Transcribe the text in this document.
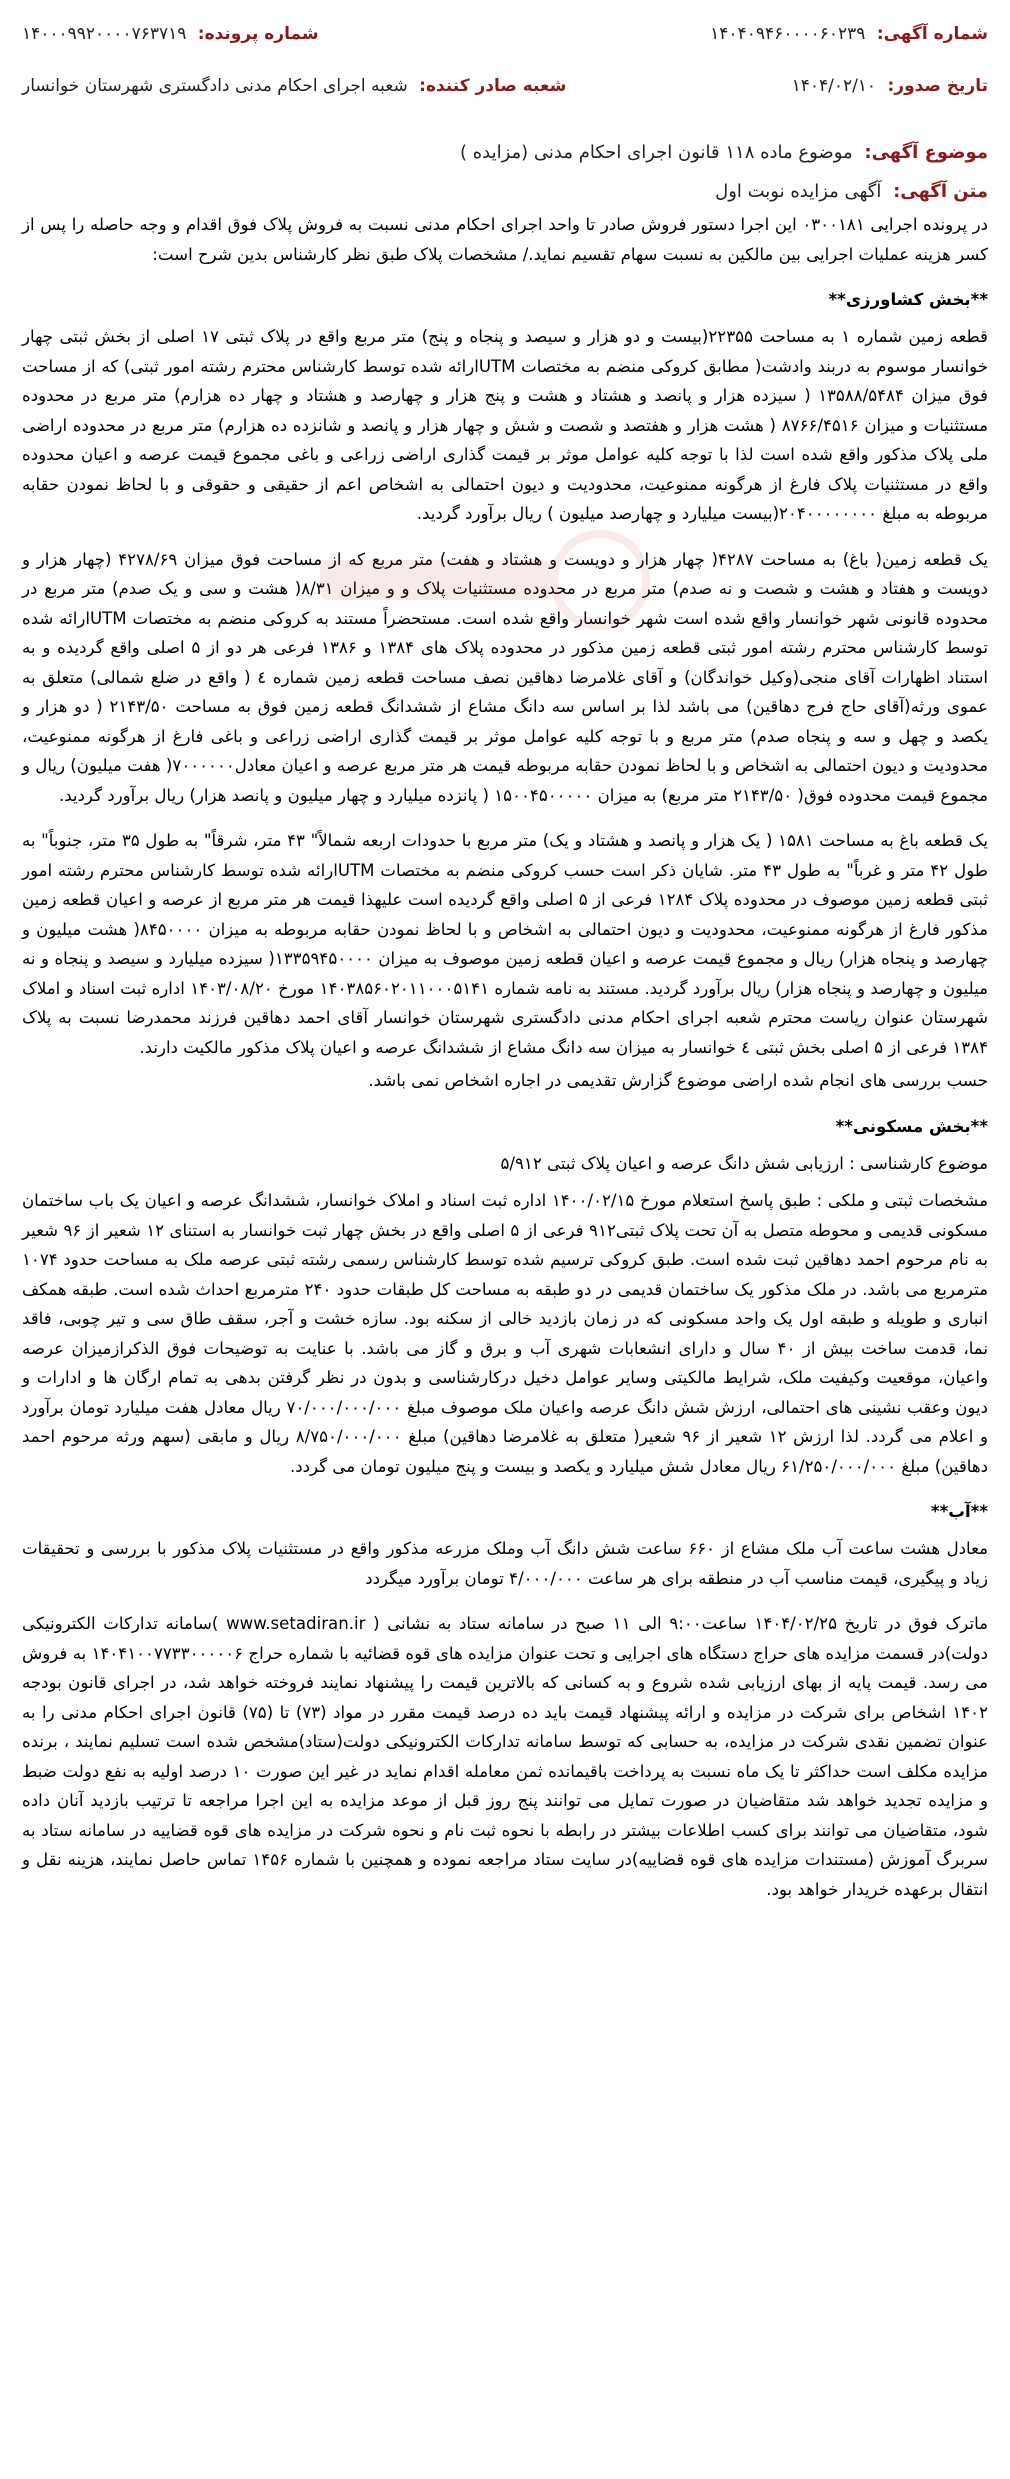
شماره آگهی: ۱۴۰۴۰۹۴۶۰۰۰۰۶۰۲۳۹
شماره پرونده: ۱۴۰۰۰۹۹۲۰۰۰۰۷۶۳۷۱۹
تاریخ صدور: ۱۴۰۴/۰۲/۱۰
شعبه صادر کننده: شعبه اجرای احکام مدنی دادگستری شهرستان خوانسار
موضوع آگهی: موضوع ماده ۱۱۸ قانون اجرای احکام مدنی (مزایده )
متن آگهی: آگهی مزایده نوبت اول

در پرونده اجرایی ۰۳۰۰۱۸۱ این اجرا دستور فروش صادر تا واحد اجرای احکام مدنی نسبت به فروش پلاک فوق اقدام و وجه حاصله را پس از کسر هزینه عملیات اجرایی بین مالکین به نسبت سهام تقسیم نماید./ مشخصات پلاک طبق نظر کارشناس بدین شرح است:

**بخش کشاورزی**

قطعه زمین شماره ۱ به مساحت ۲۲۳۵۵(بیست و دو هزار و سیصد و پنجاه و پنج) متر مربع واقع در پلاک ثبتی ۱۷ اصلی از بخش ثبتی چهار خوانسار موسوم به دربند وادشت( مطابق کروکی منضم به مختصات UTMارائه شده توسط کارشناس محترم رشته امور ثبتی) که از مساحت فوق میزان ۱۳۵۸۸/۵۴۸۴ ( سیزده هزار و پانصد و هشتاد و هشت و پنج هزار و چهارصد و هشتاد و چهار ده هزارم) متر مربع در محدوده مستثنیات و میزان ۸۷۶۶/۴۵۱۶ ( هشت هزار و هفتصد و شصت و شش و چهار هزار و پانصد و شانزده ده هزارم) متر مربع در محدوده اراضی ملی پلاک مذکور واقع شده است لذا با توجه کلیه عوامل موثر بر قیمت گذاری اراضی زراعی و باغی مجموع قیمت عرصه و اعیان محدوده واقع در مستثنیات پلاک فارغ از هرگونه ممنوعیت، محدودیت و دیون احتمالی به اشخاص اعم از حقیقی و حقوقی و با لحاظ نمودن حقابه مربوطه به مبلغ ۲۰۴۰۰۰۰۰۰۰۰(بیست میلیارد و چهارصد میلیون ) ریال برآورد گردید.

یک قطعه زمین( باغ) به مساحت ۴۲۸۷( چهار هزار و دویست و هشتاد و هفت) متر مربع که از مساحت فوق میزان ۴۲۷۸/۶۹ (چهار هزار و دویست و هفتاد و هشت و شصت و نه صدم) متر مربع در محدوده مستثنیات پلاک و و میزان ۸/۳۱( هشت و سی و یک صدم) متر مربع در محدوده قانونی شهر خوانسار واقع شده است شهر خوانسار واقع شده است. مستحضراً مستند به کروکی منضم به مختصات UTMارائه شده توسط کارشناس محترم رشته امور ثبتی قطعه زمین مذکور در محدوده پلاک های ۱۳۸۴ و ۱۳۸۶ فرعی هر دو از ۵ اصلی واقع گردیده و به استناد اظهارات آقای منجی(وکیل خواندگان) و آقای غلامرضا دهاقین نصف مساحت قطعه زمین شماره ٤ ( واقع در ضلع شمالی) متعلق به عموی ورثه(آقای حاج فرج دهاقین) می باشد لذا بر اساس سه دانگ مشاع از ششدانگ قطعه زمین فوق به مساحت ۲۱۴۳/۵۰ ( دو هزار و یکصد و چهل و سه و پنجاه صدم) متر مربع و با توجه کلیه عوامل موثر بر قیمت گذاری اراضی زراعی و باغی فارغ از هرگونه ممنوعیت، محدودیت و دیون احتمالی به اشخاص و با لحاظ نمودن حقابه مربوطه قیمت هر متر مربع عرصه و اعیان معادل۷۰۰۰۰۰۰( هفت میلیون) ریال و مجموع قیمت محدوده فوق( ۲۱۴۳/۵۰ متر مربع) به میزان ۱۵۰۰۴۵۰۰۰۰۰ ( پانزده میلیارد و چهار میلیون و پانصد هزار) ریال برآورد گردید.

یک قطعه باغ به مساحت ۱۵۸۱ ( یک هزار و پانصد و هشتاد و یک) متر مربع با حدودات اربعه شمالاً" ۴۳ متر، شرقاً" به طول ۳۵ متر، جنوباً" به طول ۴۲ متر و غرباً" به طول ۴۳ متر. شایان ذکر است حسب کروکی منضم به مختصات UTMارائه شده توسط کارشناس محترم رشته امور ثبتی قطعه زمین موصوف در محدوده پلاک ۱۲۸۴ فرعی از ۵ اصلی واقع گردیده است علیهذا قیمت هر متر مربع از عرصه و اعیان قطعه زمین مذکور فارغ از هرگونه ممنوعیت، محدودیت و دیون احتمالی به اشخاص و با لحاظ نمودن حقابه مربوطه به میزان ۸۴۵۰۰۰۰( هشت میلیون و چهارصد و پنجاه هزار) ریال و مجموع قیمت عرصه و اعیان قطعه زمین موصوف به میزان ۱۳۳۵۹۴۵۰۰۰۰( سیزده میلیارد و سیصد و پنجاه و نه میلیون و چهارصد و پنجاه هزار) ریال برآورد گردید. مستند به نامه شماره ۱۴۰۳۸۵۶۰۲۰۱۱۰۰۰۵۱۴۱ مورخ ۱۴۰۳/۰۸/۲۰ اداره ثبت اسناد و املاک شهرستان عنوان ریاست محترم شعبه اجرای احکام مدنی دادگستری شهرستان خوانسار آقای احمد دهاقین فرزند محمدرضا نسبت به پلاک ۱۳۸۴ فرعی از ۵ اصلی بخش ثبتی ٤ خوانسار به میزان سه دانگ مشاع از ششدانگ عرصه و اعیان پلاک مذکور مالکیت دارند.

حسب بررسی های انجام شده اراضی موضوع گزارش تقدیمی در اجاره اشخاص نمی باشد.

**بخش مسکونی**

موضوع کارشناسی : ارزیابی شش دانگ عرصه و اعیان پلاک ثبتی ۵/۹۱۲

مشخصات ثبتی و ملکی : طبق پاسخ استعلام مورخ ۱۴۰۰/۰۲/۱۵ اداره ثبت اسناد و املاک خوانسار، ششدانگ عرصه و اعیان یک باب ساختمان مسکونی قدیمی و محوطه متصل به آن تحت پلاک ثبتی۹۱۲ فرعی از ۵ اصلی واقع در بخش چهار ثبت خوانسار به استنای ۱۲ شعیر از ۹۶ شعیر به نام مرحوم احمد دهاقین ثبت شده است. طبق کروکی ترسیم شده توسط کارشناس رسمی رشته ثبتی عرصه ملک به مساحت حدود ۱۰۷۴ مترمربع می باشد. در ملک مذکور یک ساختمان قدیمی در دو طبقه به مساحت کل طبقات حدود ۲۴۰ مترمربع احداث شده است. طبقه همکف انباری و طویله و طبقه اول یک واحد مسکونی که در زمان بازدید خالی از سکنه بود. سازه خشت و آجر، سقف طاق سی و تیر چوبی، فاقد نما، قدمت ساخت بیش از ۴۰ سال و دارای انشعابات شهری آب و برق و گاز می باشد. با عنایت به توضیحات فوق الذکرازمیزان عرصه واعیان، موقعیت وکیفیت ملک، شرایط مالکیتی وسایر عوامل دخیل درکارشناسی و بدون در نظر گرفتن بدهی به تمام ارگان ها و ادارات و دیون وعقب نشینی های احتمالی، ارزش شش دانگ عرصه واعیان ملک موصوف مبلغ ۷۰/۰۰۰/۰۰۰/۰۰۰ ریال معادل هفت میلیارد تومان برآورد و اعلام می گردد. لذا ارزش ۱۲ شعیر از ۹۶ شعیر( متعلق به غلامرضا دهاقین) مبلغ ۸/۷۵۰/۰۰۰/۰۰۰ ریال و مابقی (سهم ورثه مرحوم احمد دهاقین) مبلغ ۶۱/۲۵۰/۰۰۰/۰۰۰ ریال معادل شش میلیارد و یکصد و بیست و پنج میلیون تومان می گردد.

**آب**

معادل هشت ساعت آب ملک مشاع از ۶۶۰ ساعت شش دانگ آب وملک مزرعه مذکور واقع در مستثنیات پلاک مذکور با بررسی و تحقیقات زیاد و پیگیری، قیمت مناسب آب در منطقه برای هر ساعت ۴/۰۰۰/۰۰۰ تومان برآورد میگردد

ماترک فوق در تاریخ ۱۴۰۴/۰۲/۲۵ ساعت۹:۰۰ الی ۱۱ صبح در سامانه ستاد به نشانی ( www.setadiran.ir )سامانه تدارکات الکترونیکی دولت)در قسمت مزایده های حراج دستگاه های اجرایی و تحت عنوان مزایده های قوه قضائیه با شماره حراج ۱۴۰۴۱۰۰۷۷۳۳۰۰۰۰۰۶ به فروش می رسد. قیمت پایه از بهای ارزیابی شده شروع و به کسانی که بالاترین قیمت را پیشنهاد نمایند فروخته خواهد شد، در اجرای قانون بودجه ۱۴۰۲ اشخاص برای شرکت در مزایده و ارائه پیشنهاد قیمت باید ده درصد قیمت مقرر در مواد (۷۳) تا (۷۵) قانون اجرای احکام مدنی را به عنوان تضمین نقدی شرکت در مزایده، به حسابی که توسط سامانه تدارکات الکترونیکی دولت(ستاد)مشخص شده است تسلیم نمایند ، برنده مزایده مکلف است حداکثر تا یک ماه نسبت به پرداخت باقیمانده ثمن معامله اقدام نماید در غیر این صورت ۱۰ درصد اولیه به نفع دولت ضبط و مزایده تجدید خواهد شد متقاضیان در صورت تمایل می توانند پنج روز قبل از موعد مزایده به این اجرا مراجعه تا ترتیب بازدید آنان داده شود، متقاضیان می توانند برای کسب اطلاعات بیشتر در رابطه با نحوه ثبت نام و نحوه شرکت در مزایده های قوه قضاییه در سامانه ستاد به سربرگ آموزش (مستندات مزایده های قوه قضاییه)در سایت ستاد مراجعه نموده و همچنین با شماره ۱۴۵۶ تماس حاصل نمایند، هزینه نقل و انتقال برعهده خریدار خواهد بود.
